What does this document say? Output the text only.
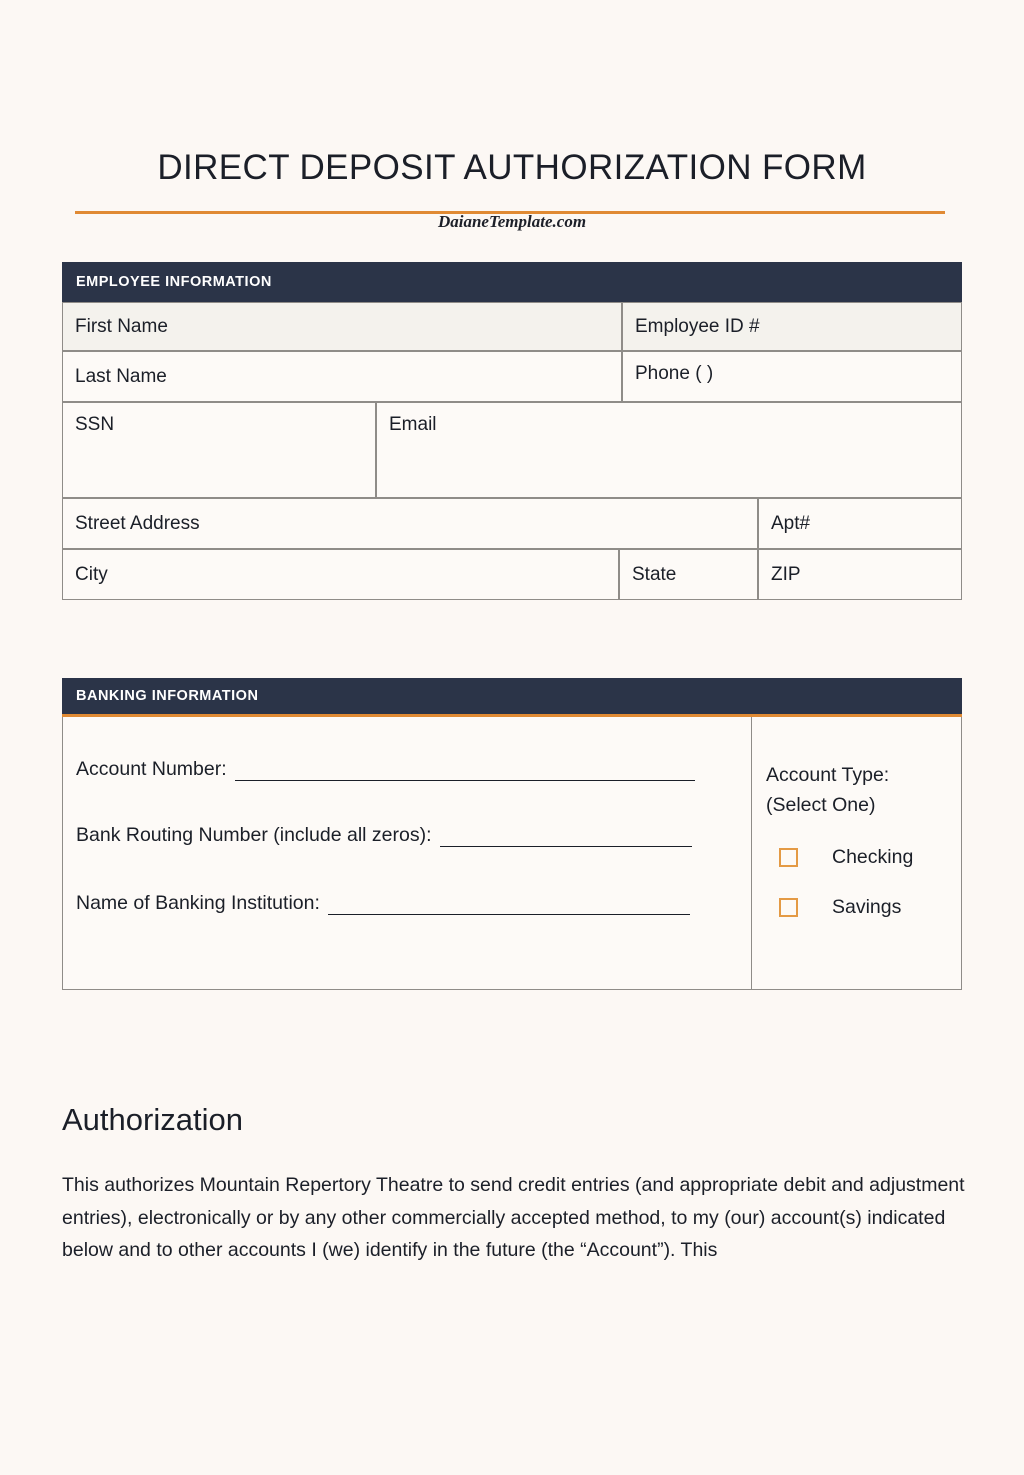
DIRECT DEPOSIT AUTHORIZATION FORM
DaianeTemplate.com
EMPLOYEE INFORMATION
First Name	Employee ID #
Last Name	Phone ( )
SSN	Email
Street Address	Apt#
City	State	ZIP
BANKING INFORMATION
Account Number:
Bank Routing Number (include all zeros):
Name of Banking Institution:
Account Type:
(Select One)
Checking
Savings
Authorization

This authorizes Mountain Repertory Theatre to send credit entries (and appropriate debit and adjustment entries), electronically or by any other commercially accepted method, to my (our) account(s) indicated below and to other accounts I (we) identify in the future (the “Account”). This
